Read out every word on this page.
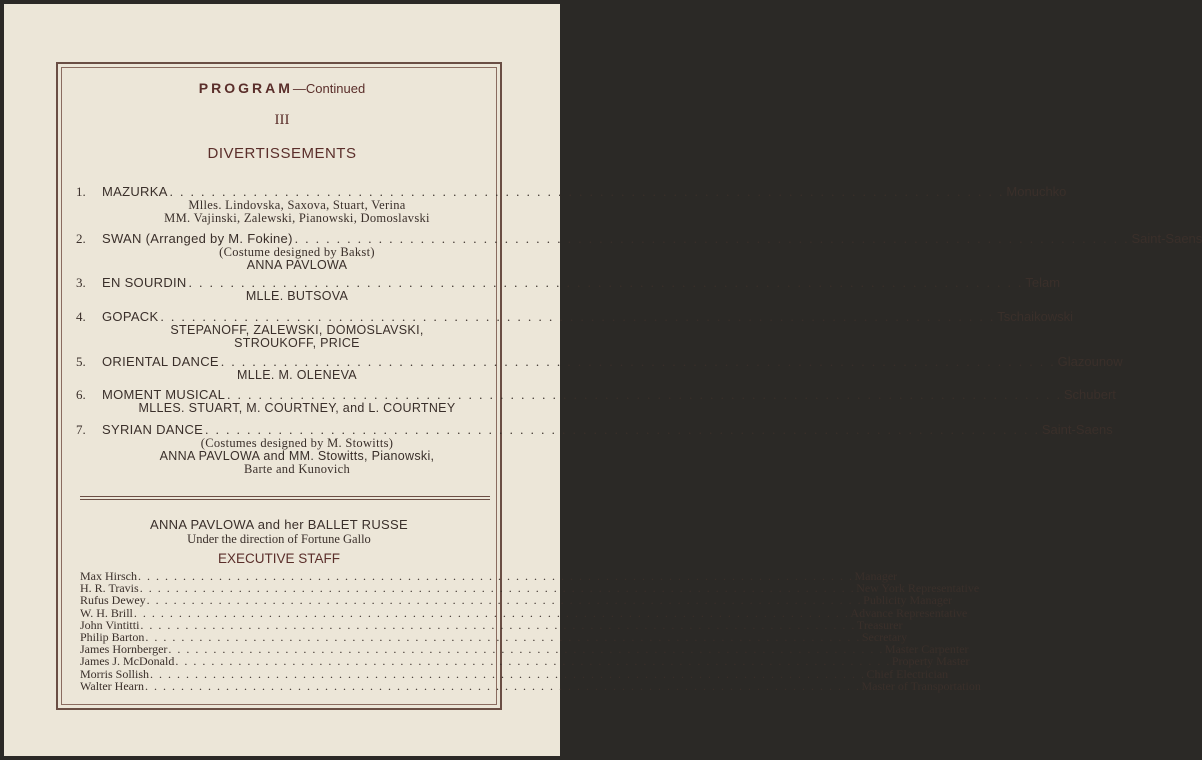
PROGRAM—Continued
III
DIVERTISSEMENTS
1.	MAZURKA . . . . . . . . . . . . . . . . . . . . . . . . . . . . . . . . . . . . . . . . . . . . . . . . . . . . . . . . . . . . . . . . . . . . . . . . . . . . . . . . Monuchko
Mlles. Lindovska, Saxova, Stuart, Verina
MM. Vajinski, Zalewski, Pianowski, Domoslavski
2.	SWAN (Arranged by M. Fokine) . . . . . . . . . . . . . . . . . . . . . . . . . . . . . . . . . . . . . . . . . . . . . . . . . . . . . . . . . . . . . . . . . . . . . . . . . . . . . . . . Saint-Saens
(Costume designed by Bakst)
ANNA PAVLOWA
3.	EN SOURDIN . . . . . . . . . . . . . . . . . . . . . . . . . . . . . . . . . . . . . . . . . . . . . . . . . . . . . . . . . . . . . . . . . . . . . . . . . . . . . . . . Telam
MLLE. BUTSOVA
4.	GOPACK . . . . . . . . . . . . . . . . . . . . . . . . . . . . . . . . . . . . . . . . . . . . . . . . . . . . . . . . . . . . . . . . . . . . . . . . . . . . . . . . Tschaikowski
STEPANOFF, ZALEWSKI, DOMOSLAVSKI,
STROUKOFF, PRICE
5.	ORIENTAL DANCE . . . . . . . . . . . . . . . . . . . . . . . . . . . . . . . . . . . . . . . . . . . . . . . . . . . . . . . . . . . . . . . . . . . . . . . . . . . . . . . . Glazounow
MLLE. M. OLENEVA
6.	MOMENT MUSICAL . . . . . . . . . . . . . . . . . . . . . . . . . . . . . . . . . . . . . . . . . . . . . . . . . . . . . . . . . . . . . . . . . . . . . . . . . . . . . . . . Schubert
MLLES. STUART, M. COURTNEY, and L. COURTNEY
7.	SYRIAN DANCE . . . . . . . . . . . . . . . . . . . . . . . . . . . . . . . . . . . . . . . . . . . . . . . . . . . . . . . . . . . . . . . . . . . . . . . . . . . . . . . . Saint-Saens
(Costumes designed by M. Stowitts)
ANNA PAVLOWA and MM. Stowitts, Pianowski,
Barte and Kunovich
ANNA PAVLOWA and her BALLET RUSSE
Under the direction of Fortune Gallo
EXECUTIVE STAFF
Max Hirsch . . . . . . . . . . . . . . . . . . . . . . . . . . . . . . . . . . . . . . . . . . . . . . . . . . . . . . . . . . . . . . . . . . . . . . . . . . . . . . . . Manager
H. R. Travis . . . . . . . . . . . . . . . . . . . . . . . . . . . . . . . . . . . . . . . . . . . . . . . . . . . . . . . . . . . . . . . . . . . . . . . . . . . . . . . . New York Representative
Rufus Dewey . . . . . . . . . . . . . . . . . . . . . . . . . . . . . . . . . . . . . . . . . . . . . . . . . . . . . . . . . . . . . . . . . . . . . . . . . . . . . . . . Publicity Manager
W. H. Brill . . . . . . . . . . . . . . . . . . . . . . . . . . . . . . . . . . . . . . . . . . . . . . . . . . . . . . . . . . . . . . . . . . . . . . . . . . . . . . . . Advance Representative
John Vintitti . . . . . . . . . . . . . . . . . . . . . . . . . . . . . . . . . . . . . . . . . . . . . . . . . . . . . . . . . . . . . . . . . . . . . . . . . . . . . . . . Treasurer
Philip Barton . . . . . . . . . . . . . . . . . . . . . . . . . . . . . . . . . . . . . . . . . . . . . . . . . . . . . . . . . . . . . . . . . . . . . . . . . . . . . . . . Secretary
James Hornberger . . . . . . . . . . . . . . . . . . . . . . . . . . . . . . . . . . . . . . . . . . . . . . . . . . . . . . . . . . . . . . . . . . . . . . . . . . . . . . . . Master Carpenter
James J. McDonald . . . . . . . . . . . . . . . . . . . . . . . . . . . . . . . . . . . . . . . . . . . . . . . . . . . . . . . . . . . . . . . . . . . . . . . . . . . . . . . . Property Master
Morris Sollish . . . . . . . . . . . . . . . . . . . . . . . . . . . . . . . . . . . . . . . . . . . . . . . . . . . . . . . . . . . . . . . . . . . . . . . . . . . . . . . . Chief Electrician
Walter Hearn . . . . . . . . . . . . . . . . . . . . . . . . . . . . . . . . . . . . . . . . . . . . . . . . . . . . . . . . . . . . . . . . . . . . . . . . . . . . . . . . Master of Transportation
